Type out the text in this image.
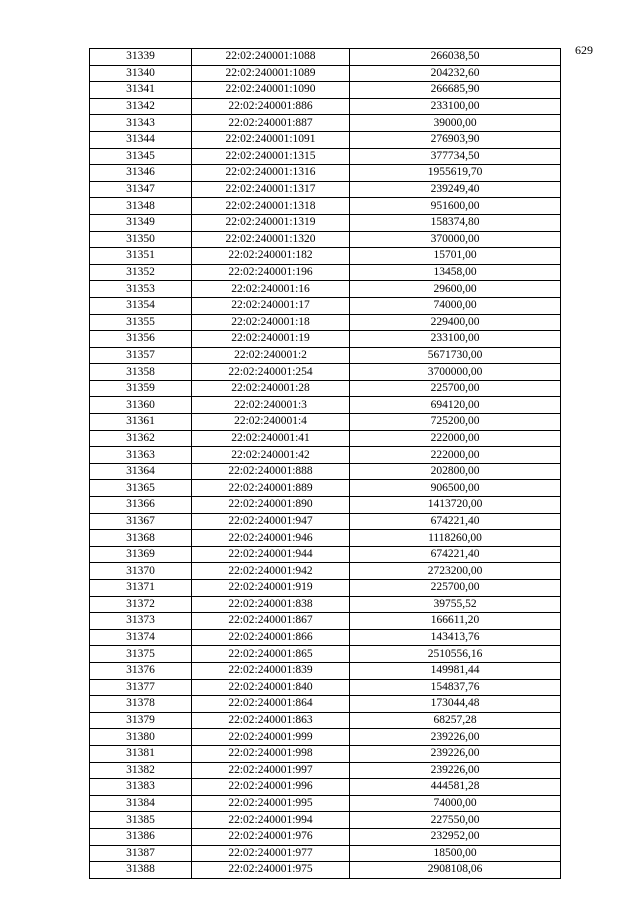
629
31339	22:02:240001:1088	266038,50
31340	22:02:240001:1089	204232,60
31341	22:02:240001:1090	266685,90
31342	22:02:240001:886	233100,00
31343	22:02:240001:887	39000,00
31344	22:02:240001:1091	276903,90
31345	22:02:240001:1315	377734,50
31346	22:02:240001:1316	1955619,70
31347	22:02:240001:1317	239249,40
31348	22:02:240001:1318	951600,00
31349	22:02:240001:1319	158374,80
31350	22:02:240001:1320	370000,00
31351	22:02:240001:182	15701,00
31352	22:02:240001:196	13458,00
31353	22:02:240001:16	29600,00
31354	22:02:240001:17	74000,00
31355	22:02:240001:18	229400,00
31356	22:02:240001:19	233100,00
31357	22:02:240001:2	5671730,00
31358	22:02:240001:254	3700000,00
31359	22:02:240001:28	225700,00
31360	22:02:240001:3	694120,00
31361	22:02:240001:4	725200,00
31362	22:02:240001:41	222000,00
31363	22:02:240001:42	222000,00
31364	22:02:240001:888	202800,00
31365	22:02:240001:889	906500,00
31366	22:02:240001:890	1413720,00
31367	22:02:240001:947	674221,40
31368	22:02:240001:946	1118260,00
31369	22:02:240001:944	674221,40
31370	22:02:240001:942	2723200,00
31371	22:02:240001:919	225700,00
31372	22:02:240001:838	39755,52
31373	22:02:240001:867	166611,20
31374	22:02:240001:866	143413,76
31375	22:02:240001:865	2510556,16
31376	22:02:240001:839	149981,44
31377	22:02:240001:840	154837,76
31378	22:02:240001:864	173044,48
31379	22:02:240001:863	68257,28
31380	22:02:240001:999	239226,00
31381	22:02:240001:998	239226,00
31382	22:02:240001:997	239226,00
31383	22:02:240001:996	444581,28
31384	22:02:240001:995	74000,00
31385	22:02:240001:994	227550,00
31386	22:02:240001:976	232952,00
31387	22:02:240001:977	18500,00
31388	22:02:240001:975	2908108,06
